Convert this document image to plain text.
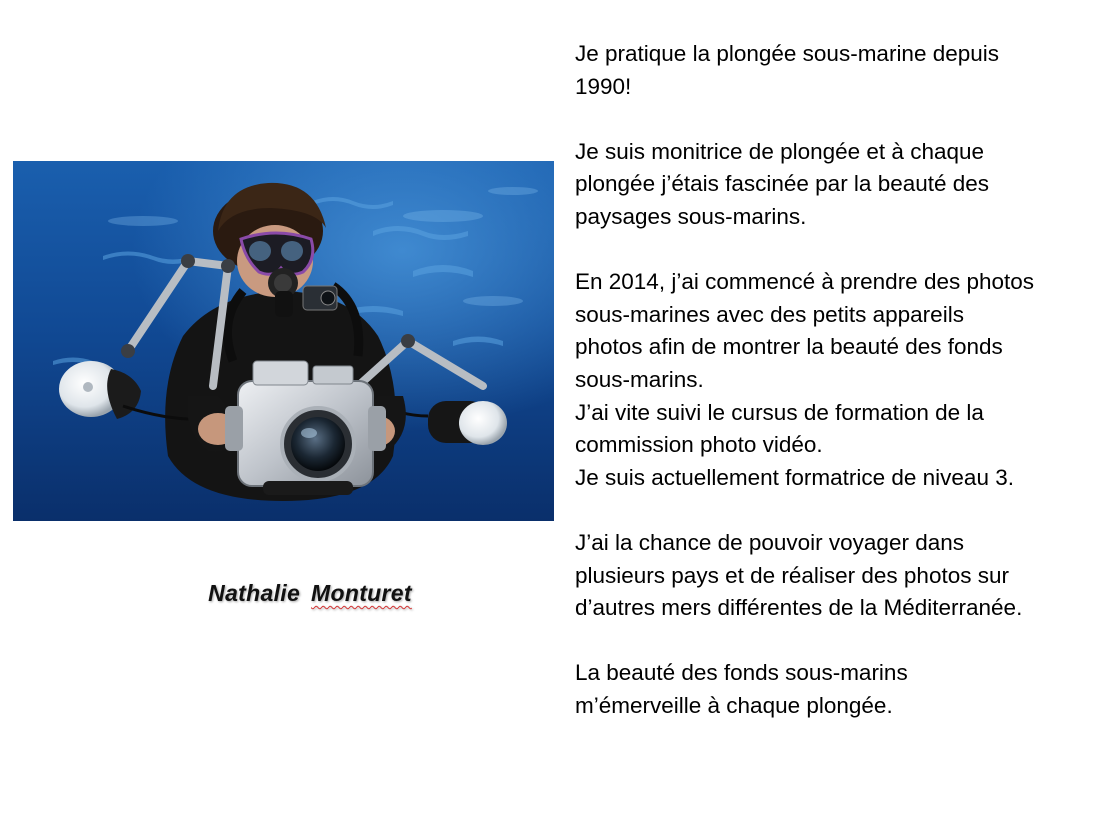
Nathalie Monturet
Je pratique la plongée sous-marine depuis
1990!
Je suis monitrice de plongée et à chaque
plongée j’étais fascinée par la beauté des
paysages sous-marins.
En 2014, j’ai commencé à prendre des photos
sous-marines avec des petits appareils
photos afin de montrer la beauté des fonds
sous-marins.
J’ai vite suivi le cursus de formation de la
commission photo vidéo.
Je suis actuellement formatrice de niveau 3.
J’ai la chance de pouvoir voyager dans
plusieurs pays et de réaliser des photos sur
d’autres mers différentes de la Méditerranée.
La beauté des fonds sous-marins
m’émerveille à chaque plongée.
